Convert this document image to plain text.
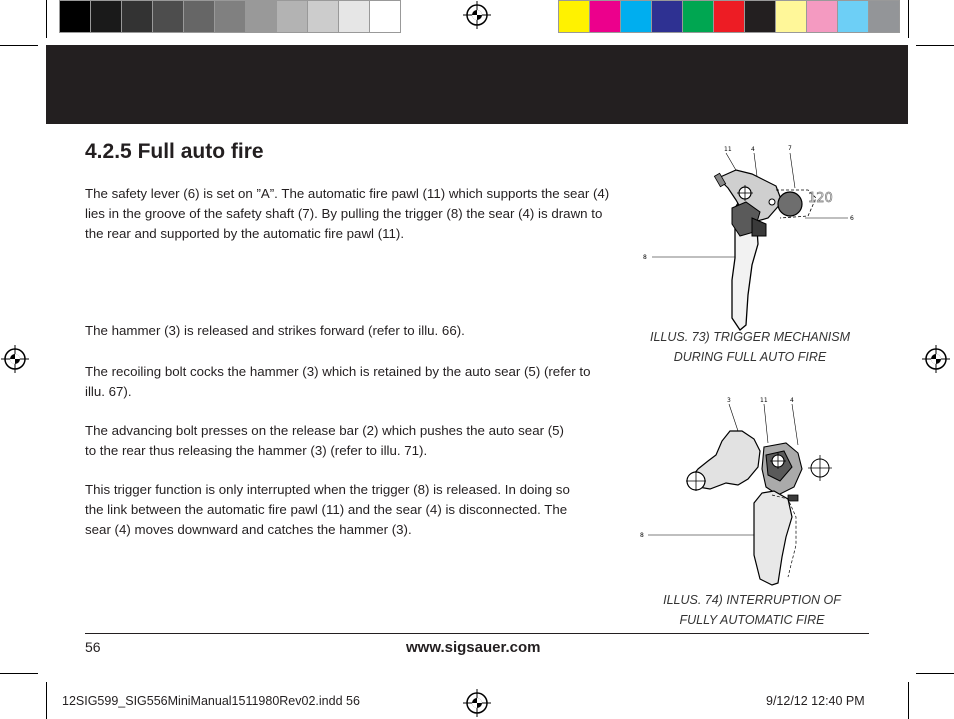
4.2.5 Full auto fire
The safety lever (6) is set on ”A”. The automatic fire pawl (11) which supports the sear (4) lies in the groove of the safety shaft (7). By pulling the trigger (8) the sear (4) is drawn to the rear and supported by the automatic fire pawl (11).
The hammer (3) is released and strikes forward (refer to illu. 66).
The recoiling bolt cocks the hammer (3) which is retained by the auto sear (5) (refer to illu. 67).
The advancing bolt presses on the release bar (2) which pushes the auto sear (5) to the rear thus releasing the hammer (3) (refer to illu. 71).
This trigger function is only interrupted when the trigger (8) is released. In doing so the link between the automatic fire pawl (11) and the sear (4) is disconnected. The sear (4) moves downward and catches the hammer (3).
11	4	7
6
8
120
ILLUS. 73) TRIGGER MECHANISM
DURING FULL AUTO FIRE
3	11	4
8
ILLUS. 74) INTERRUPTION OF
FULLY AUTOMATIC FIRE
56	www.sigsauer.com
12SIG599_SIG556MiniManual1511980Rev02.indd 56	9/12/12 12:40 PM
